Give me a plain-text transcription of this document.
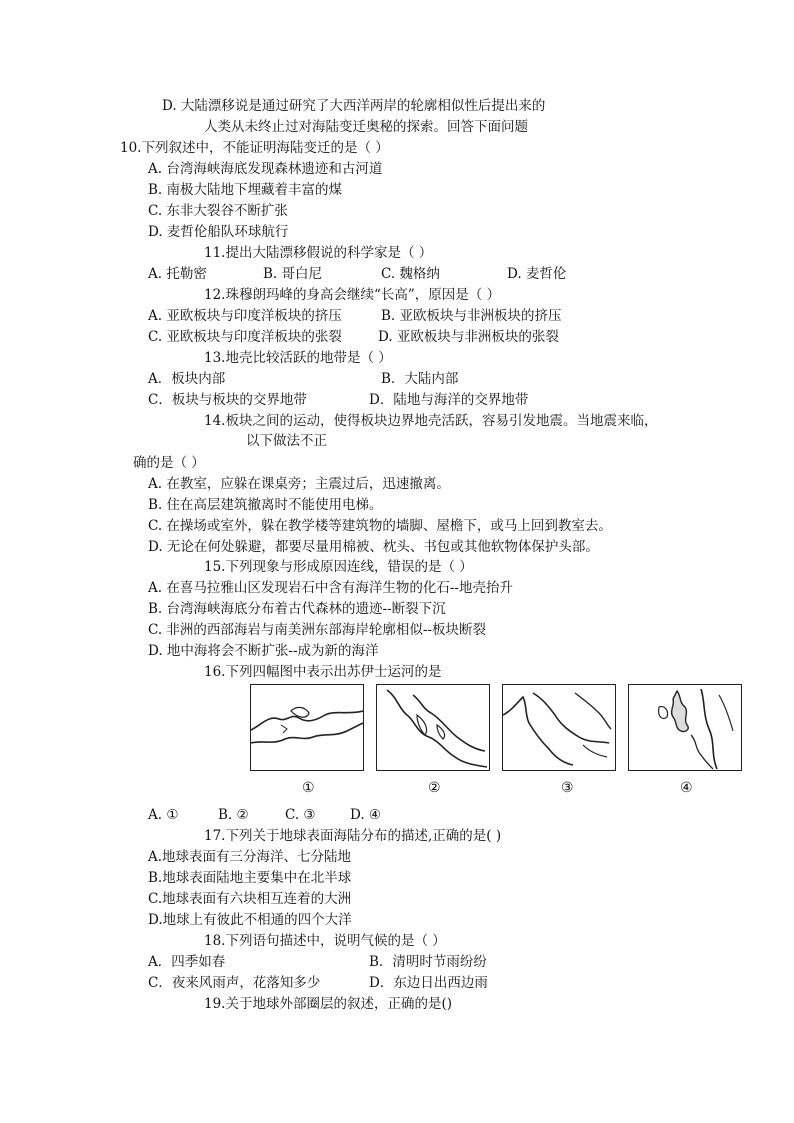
D. 大陆漂移说是通过研究了大西洋两岸的轮廓相似性后提出来的
人类从未终止过对海陆变迁奥秘的探索。回答下面问题
10.下列叙述中，不能证明海陆变迁的是（ ）
A. 台湾海峡海底发现森林遗迹和古河道
B. 南极大陆地下埋藏着丰富的煤
C. 东非大裂谷不断扩张
D. 麦哲伦船队环球航行
11.提出大陆漂移假说的科学家是（ ）
A. 托勒密	B. 哥白尼	C. 魏格纳	D. 麦哲伦
12.珠穆朗玛峰的身高会继续“长高”，原因是（ ）
A. 亚欧板块与印度洋板块的挤压	B. 亚欧板块与非洲板块的挤压
C. 亚欧板块与印度洋板块的张裂	D. 亚欧板块与非洲板块的张裂
13.地壳比较活跃的地带是（ ）
A．板块内部	B．大陆内部
C．板块与板块的交界地带	D．陆地与海洋的交界地带
14.板块之间的运动，使得板块边界地壳活跃，容易引发地震。当地震来临，
以下做法不正
确的是（ ）
A. 在教室，应躲在课桌旁；主震过后，迅速撤离。
B. 住在高层建筑撤离时不能使用电梯。
C. 在操场或室外，躲在教学楼等建筑物的墙脚、屋檐下，或马上回到教室去。
D. 无论在何处躲避，都要尽量用棉被、枕头、书包或其他软物体保护头部。
15.下列现象与形成原因连线，错误的是（ ）
A. 在喜马拉雅山区发现岩石中含有海洋生物的化石--地壳抬升
B. 台湾海峡海底分布着古代森林的遗迹--断裂下沉
C. 非洲的西部海岩与南美洲东部海岸轮廓相似--板块断裂
D. 地中海将会不断扩张--成为新的海洋
16.下列四幅图中表示出苏伊士运河的是
①	②	③	④
A. ①	B. ②	C. ③	D. ④
17.下列关于地球表面海陆分布的描述,正确的是( )
A.地球表面有三分海洋、七分陆地
B.地球表面陆地主要集中在北半球
C.地球表面有六块相互连着的大洲
D.地球上有彼此不相通的四个大洋
18.下列语句描述中，说明气候的是（ ）
A．四季如春	B．清明时节雨纷纷
C．夜来风雨声，花落知多少	D．东边日出西边雨
19.关于地球外部圈层的叙述，正确的是()
